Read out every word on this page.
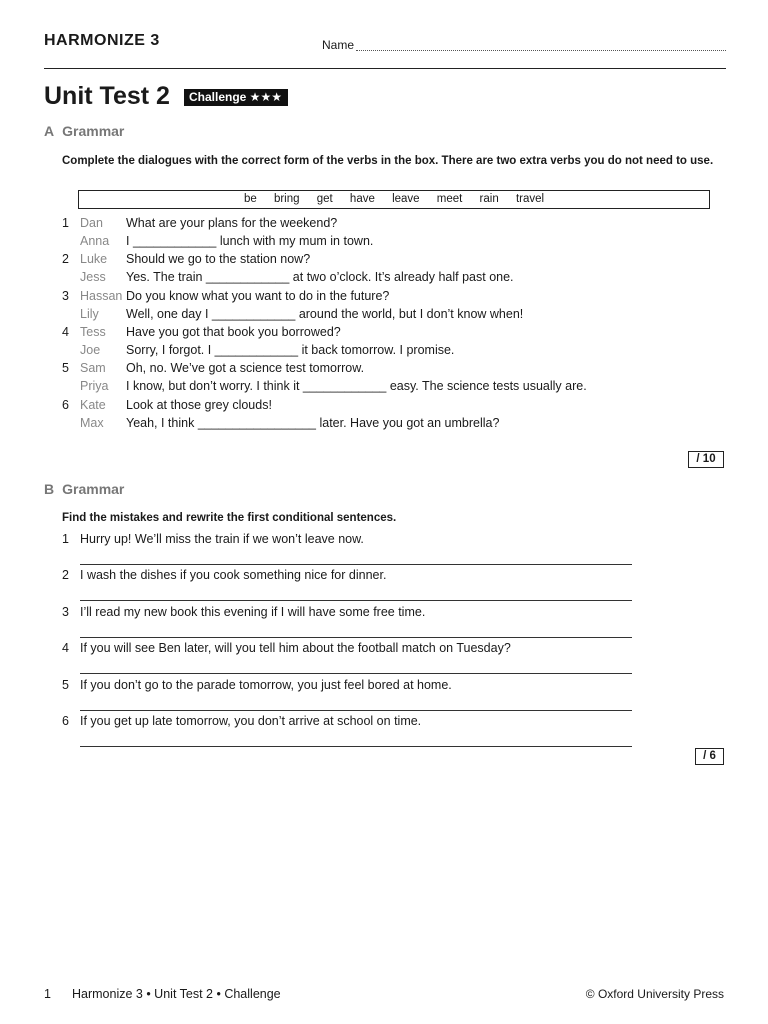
HARMONIZE 3	Name
Unit Test 2	Challenge ★★★
A Grammar
Complete the dialogues with the correct form of the verbs in the box. There are two extra verbs you do not need to use.
be bring get have leave meet rain travel
1 Dan What are your plans for the weekend?
Anna I ____________ lunch with my mum in town.
2 Luke Should we go to the station now?
Jess Yes. The train ____________ at two o’clock. It’s already half past one.
3 Hassan Do you know what you want to do in the future?
Lily Well, one day I ____________ around the world, but I don’t know when!
4 Tess Have you got that book you borrowed?
Joe Sorry, I forgot. I ____________ it back tomorrow. I promise.
5 Sam Oh, no. We’ve got a science test tomorrow.
Priya I know, but don’t worry. I think it ____________ easy. The science tests usually are.
6 Kate Look at those grey clouds!
Max Yeah, I think _________________ later. Have you got an umbrella?
/ 10
B Grammar
Find the mistakes and rewrite the first conditional sentences.
1 Hurry up! We’ll miss the train if we won’t leave now.
2 I wash the dishes if you cook something nice for dinner.
3 I’ll read my new book this evening if I will have some free time.
4 If you will see Ben later, will you tell him about the football match on Tuesday?
5 If you don’t go to the parade tomorrow, you just feel bored at home.
6 If you get up late tomorrow, you don’t arrive at school on time.
/ 6
1 Harmonize 3 • Unit Test 2 • Challenge	© Oxford University Press
